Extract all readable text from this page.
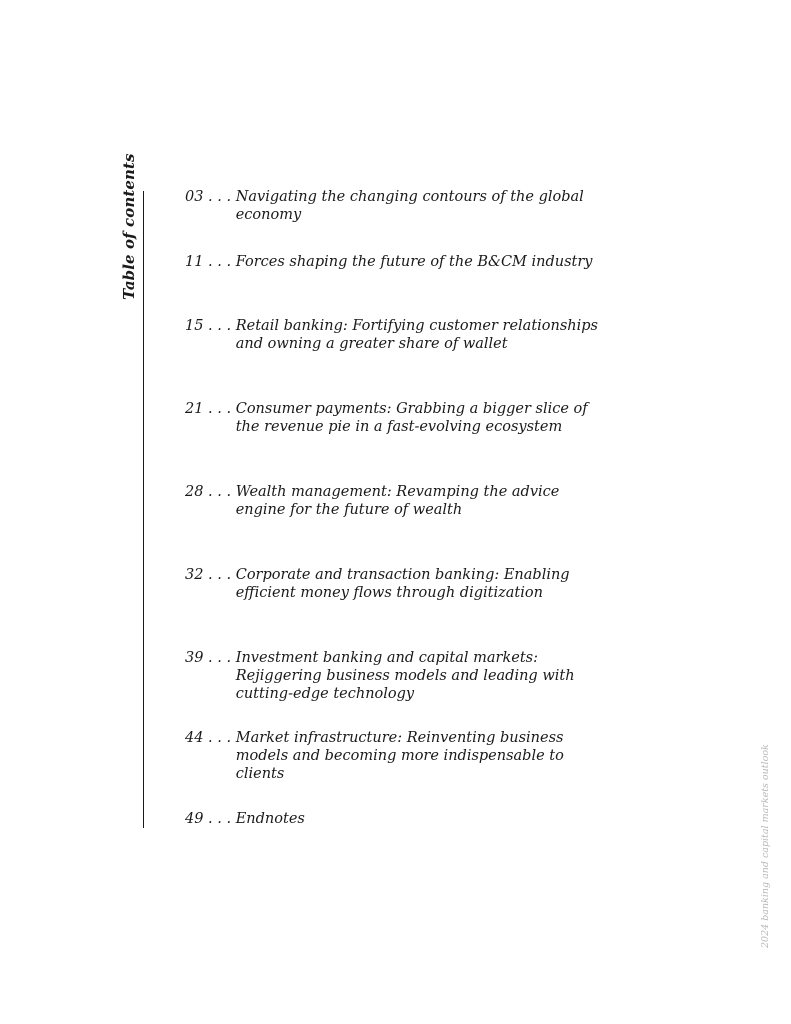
Table of contents	03 . . . Navigating the changing contours of the global economy
11 . . . Forces shaping the future of the B&CM industry
15 . . . Retail banking: Fortifying customer relationships and owning a greater share of wallet
21 . . . Consumer payments: Grabbing a bigger slice of the revenue pie in a fast-evolving ecosystem
28 . . . Wealth management: Revamping the advice engine for the future of wealth
32 . . . Corporate and transaction banking: Enabling efficient money flows through digitization
39 . . . Investment banking and capital markets: Rejiggering business models and leading with cutting-edge technology
44 . . . Market infrastructure: Reinventing business models and becoming more indispensable to clients
49 . . . Endnotes	2024 banking and capital markets outlook
